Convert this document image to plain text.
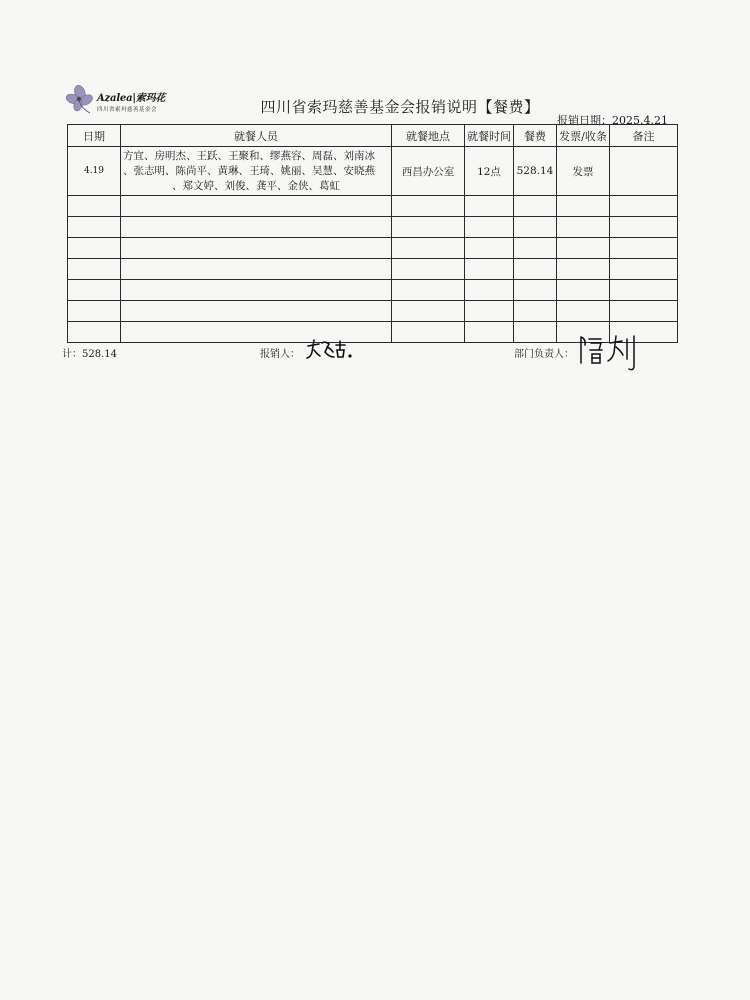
Azalea|索玛花
四川省索玛慈善基金会	四川省索玛慈善基金会报销说明【餐费】
报销日期：2025.4.21
日期	就餐人员	就餐地点	就餐时间	餐费	发票/收条	备注
4.19	方宜、房明杰、王跃、王聚和、缪燕容、周磊、刘南冰
、张志明、陈尚平、黄琳、王琦、姚丽、吴慧、安晓燕
、郑文婷、刘俊、龚平、金侠、葛虹	西昌办公室	12点	528.14	发票	

计：528.14	报销人：	部门负责人：
